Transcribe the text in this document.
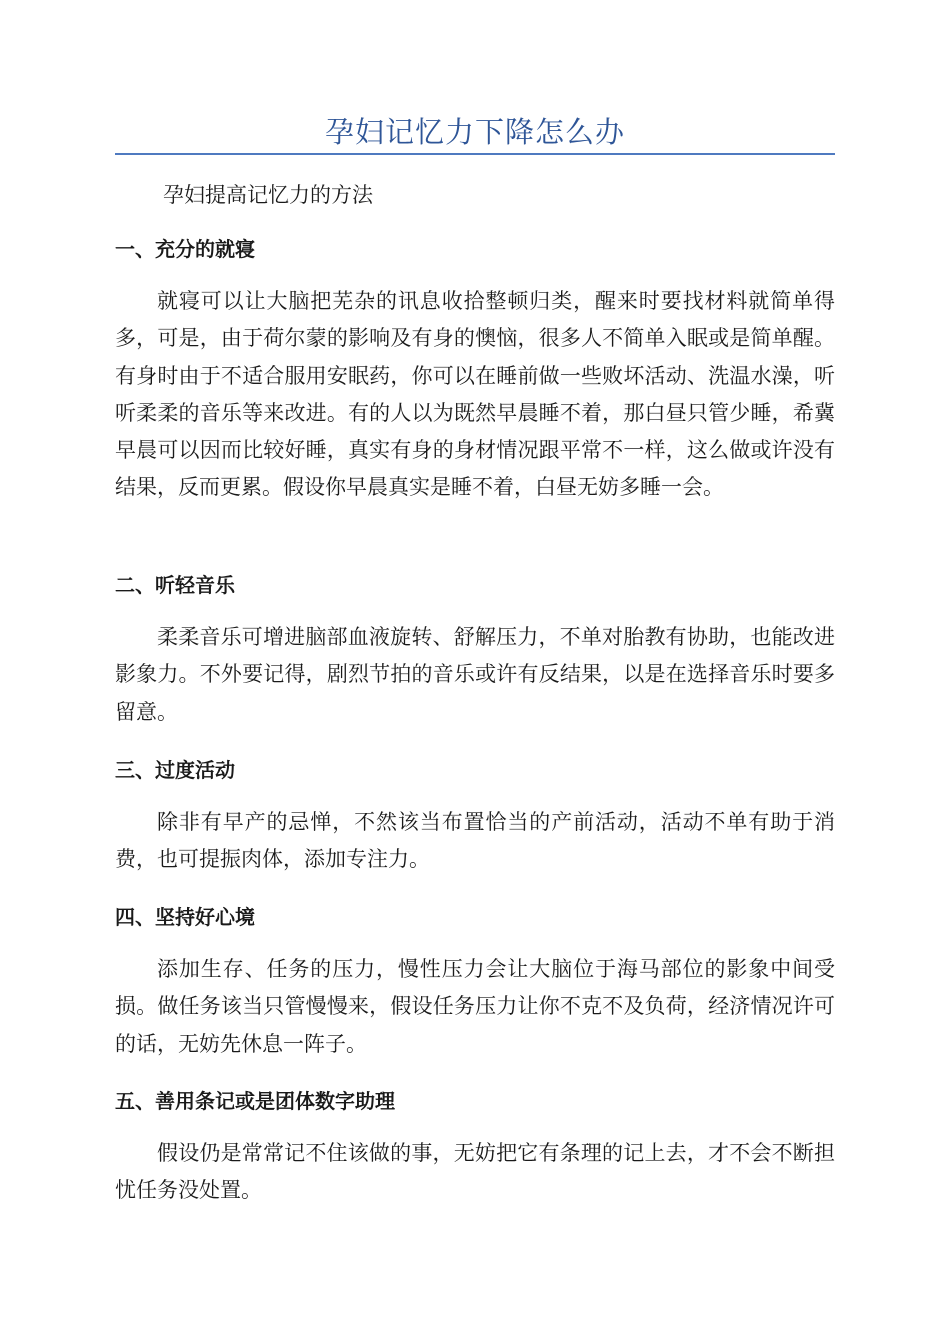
孕妇记忆力下降怎么办
孕妇提高记忆力的方法
一、充分的就寝

就寝可以让大脑把芜杂的讯息收拾整顿归类，醒来时要找材料就简单得多，可是，由于荷尔蒙的影响及有身的懊恼，很多人不简单入眠或是简单醒。有身时由于不适合服用安眠药，你可以在睡前做一些败坏活动、洗温水澡，听听柔柔的音乐等来改进。有的人以为既然早晨睡不着，那白昼只管少睡，希冀早晨可以因而比较好睡，真实有身的身材情况跟平常不一样，这么做或许没有结果，反而更累。假设你早晨真实是睡不着，白昼无妨多睡一会。

二、听轻音乐

柔柔音乐可增进脑部血液旋转、舒解压力，不单对胎教有协助，也能改进影象力。不外要记得，剧烈节拍的音乐或许有反结果，以是在选择音乐时要多留意。

三、过度活动

除非有早产的忌惮，不然该当布置恰当的产前活动，活动不单有助于消费，也可提振肉体，添加专注力。

四、坚持好心境

添加生存、任务的压力，慢性压力会让大脑位于海马部位的影象中间受损。做任务该当只管慢慢来，假设任务压力让你不克不及负荷，经济情况许可的话，无妨先休息一阵子。

五、善用条记或是团体数字助理

假设仍是常常记不住该做的事，无妨把它有条理的记上去，才不会不断担忧任务没处置。
